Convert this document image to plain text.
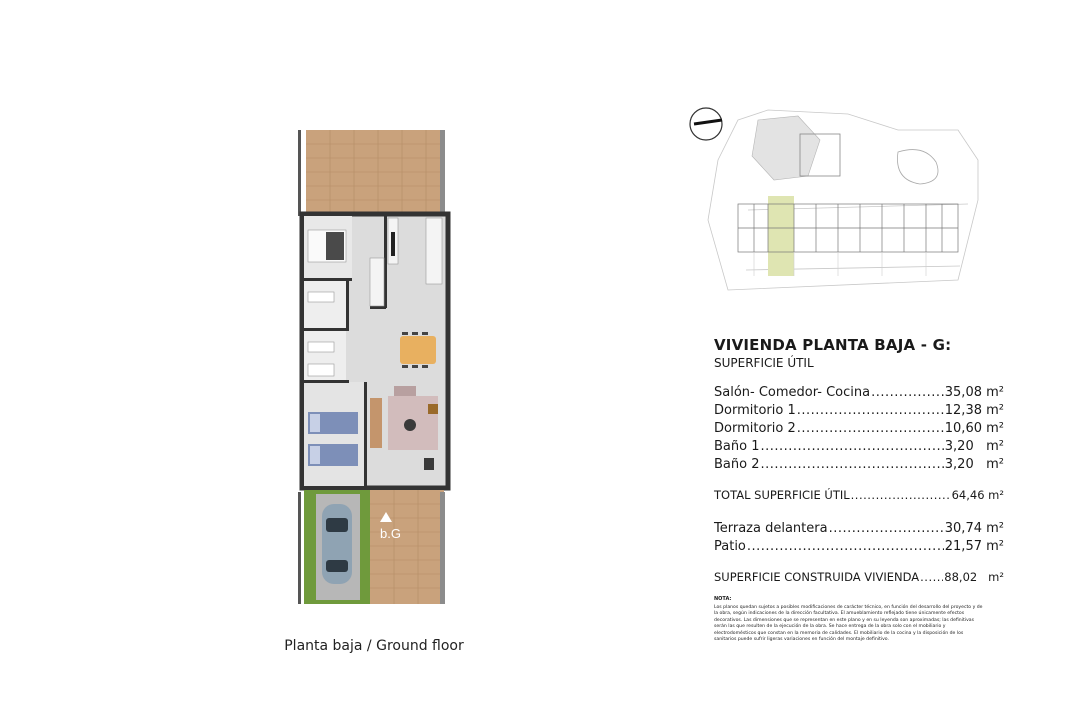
b.G
Planta baja / Ground floor
VIVIENDA PLANTA BAJA - G:
SUPERFICIE ÚTIL
Salón- Comedor- Cocina .....	35,08 m²
Dormitorio 1 .....	12,38 m²
Dormitorio 2 .....	10,60 m²
Baño 1 .....	3,20   m²
Baño 2 .....	3,20   m²
TOTAL SUPERFICIE ÚTIL .....	64,46 m²
Terraza delantera .....	30,74 m²
Patio .....	21,57 m²
SUPERFICIE CONSTRUIDA VIVIENDA ..... 88,02   m²
NOTA:
Los planos quedan sujetos a posibles modificaciones de carácter técnico, en función del desarrollo del proyecto y de la obra, según indicaciones de la dirección facultativa. El amueblamiento reflejado tiene únicamente efectos decorativos. Las dimensiones que se representan en este plano y en su leyenda son aproximadas; las definitivas serán las que resulten de la ejecución de la obra. Se hace entrega de la obra solo con el mobiliario y electrodomésticos que constan en la memoria de calidades. El mobiliario de la cocina y la disposición de los sanitarios puede sufrir ligeras variaciones en función del montaje definitivo.
